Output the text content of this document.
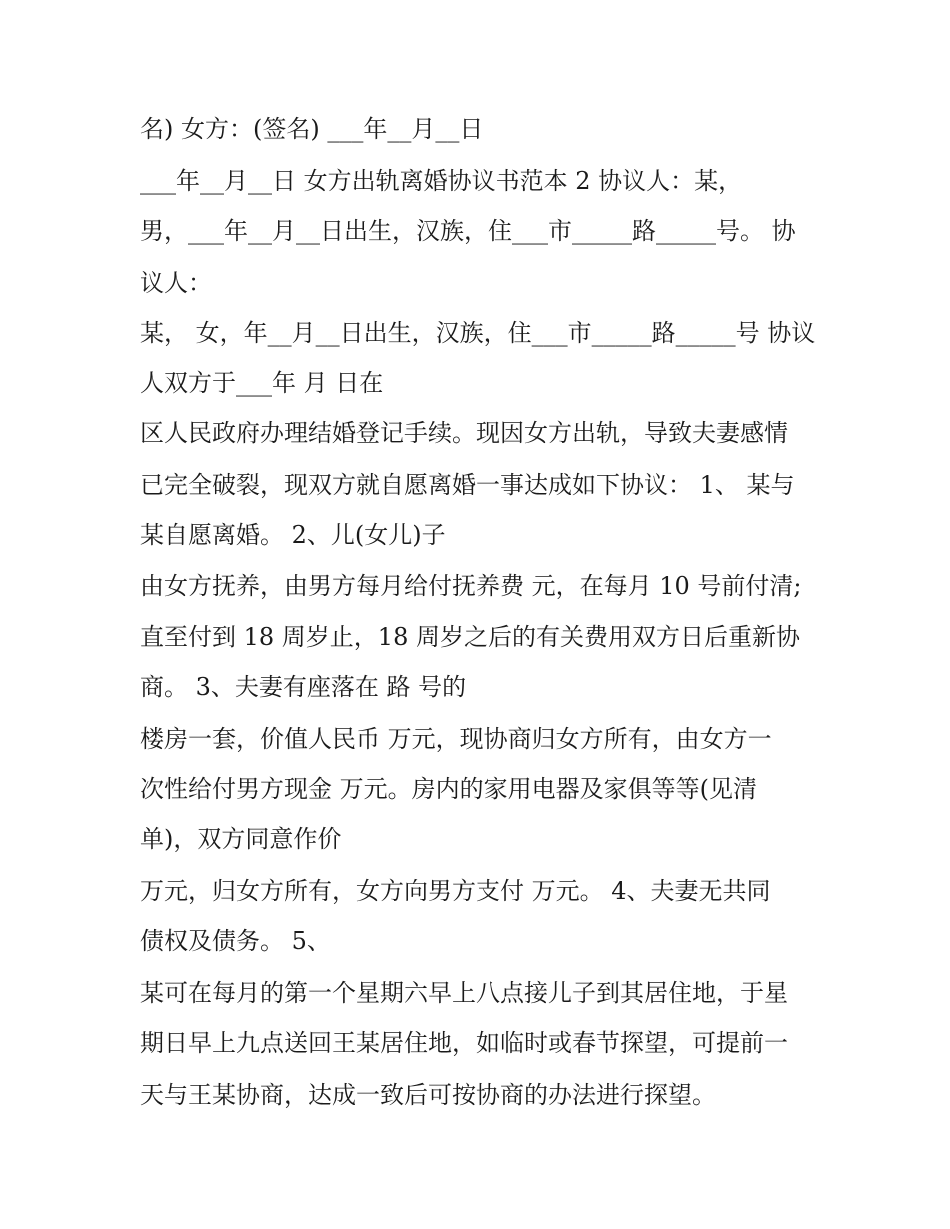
名) 女方：(签名) ___年__月__日
___年__月__日 女方出轨离婚协议书范本 2 协议人：某，
男，___年__月__日出生，汉族，住___市_____路_____号。 协
议人：
某， 女，年__月__日出生，汉族，住___市_____路_____号 协议
人双方于___年 月 日在
区人民政府办理结婚登记手续。现因女方出轨，导致夫妻感情
已完全破裂，现双方就自愿离婚一事达成如下协议： 1、 某与
某自愿离婚。 2、儿(女儿)子
由女方抚养，由男方每月给付抚养费 元，在每月 10 号前付清;
直至付到 18 周岁止，18 周岁之后的有关费用双方日后重新协
商。 3、夫妻有座落在 路 号的
楼房一套，价值人民币 万元，现协商归女方所有，由女方一
次性给付男方现金 万元。房内的家用电器及家俱等等(见清
单)，双方同意作价
万元，归女方所有，女方向男方支付 万元。 4、夫妻无共同
债权及债务。 5、
某可在每月的第一个星期六早上八点接儿子到其居住地，于星
期日早上九点送回王某居住地，如临时或春节探望，可提前一
天与王某协商，达成一致后可按协商的办法进行探望。
